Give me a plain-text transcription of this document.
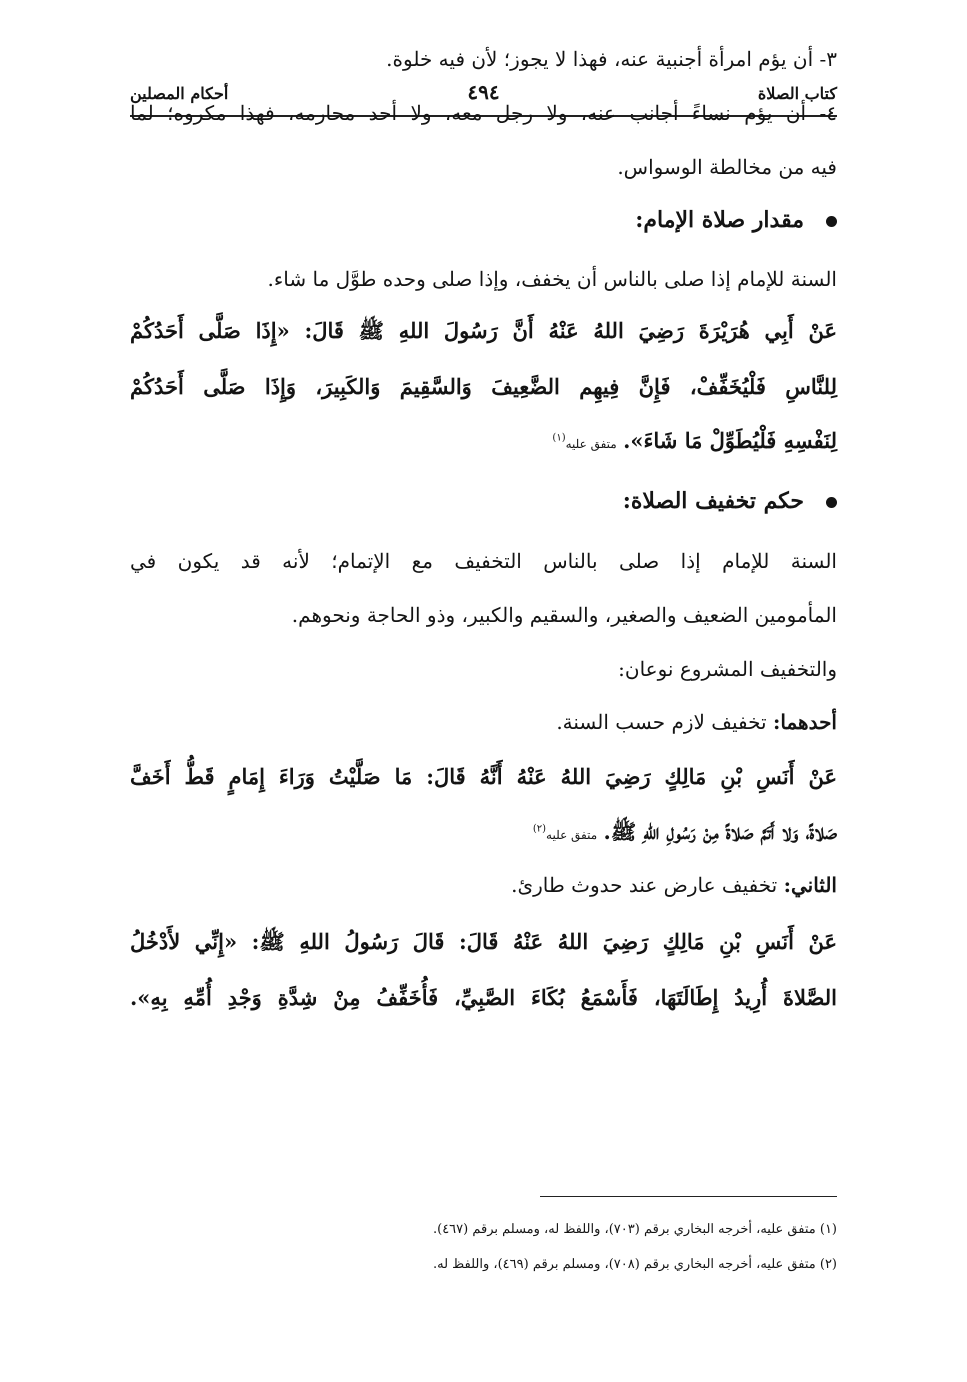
كتاب الصلاة
٤٩٤
أحكام المصلين
٣- أن يؤم امرأة أجنبية عنه، فهذا لا يجوز؛ لأن فيه خلوة.
٤- أن يؤم نساءً أجانب عنه، ولا رجل معه، ولا أحد محارمه، فهذا مكروه؛ لما
فيه من مخالطة الوسواس.
مقدار صلاة الإمام:
السنة للإمام إذا صلى بالناس أن يخفف، وإذا صلى وحده طوَّل ما شاء.
عَنْ أَبِي هُرَيْرَةَ رَضِيَ اللهُ عَنْهُ أَنَّ رَسُولَ اللهِ ﷺ قَالَ: «إِذَا صَلَّى أَحَدُكُمْ
لِلنَّاسِ فَلْيُخَفِّفْ، فَإِنَّ فِيهِم الضَّعِيفَ وَالسَّقِيمَ وَالكَبِيرَ، وَإِذَا صَلَّى أَحَدُكُمْ
لِنَفْسِهِ فَلْيُطَوِّلْ مَا شَاءَ». متفق عليه$^{(١)}$
حكم تخفيف الصلاة:
السنة للإمام إذا صلى بالناس التخفيف مع الإتمام؛ لأنه قد يكون في
المأمومين الضعيف والصغير، والسقيم والكبير، وذو الحاجة ونحوهم.
والتخفيف المشروع نوعان:
أحدهما: تخفيف لازم حسب السنة.
عَنْ أَنَسِ بْنِ مَالِكٍ رَضِيَ اللهُ عَنْهُ أَنَّهُ قَالَ: مَا صَلَّيْتُ وَرَاءَ إِمَامٍ قَطُّ أَخَفَّ
صَلاةً، وَلا أَتَمَّ صَلاةً مِنْ رَسُولِ اللهِ ﷺ. متفق عليه$^{(٢)}$
الثاني: تخفيف عارض عند حدوث طارئ.
عَنْ أَنَسِ بْنِ مَالِكٍ رَضِيَ اللهُ عَنْهُ قَالَ: قَالَ رَسُولُ اللهِ ﷺ: «إِنِّي لأَدْخُلُ
الصَّلاةَ أُرِيدُ إِطَالَتَهَا، فَأَسْمَعُ بُكَاءَ الصَّبِيِّ، فَأُخَفِّفُ مِنْ شِدَّةِ وَجْدِ أُمِّهِ بِهِ».
(١) متفق عليه، أخرجه البخاري برقم (٧٠٣)، واللفظ له، ومسلم برقم (٤٦٧).
(٢) متفق عليه، أخرجه البخاري برقم (٧٠٨)، ومسلم برقم (٤٦٩)، واللفظ له.
